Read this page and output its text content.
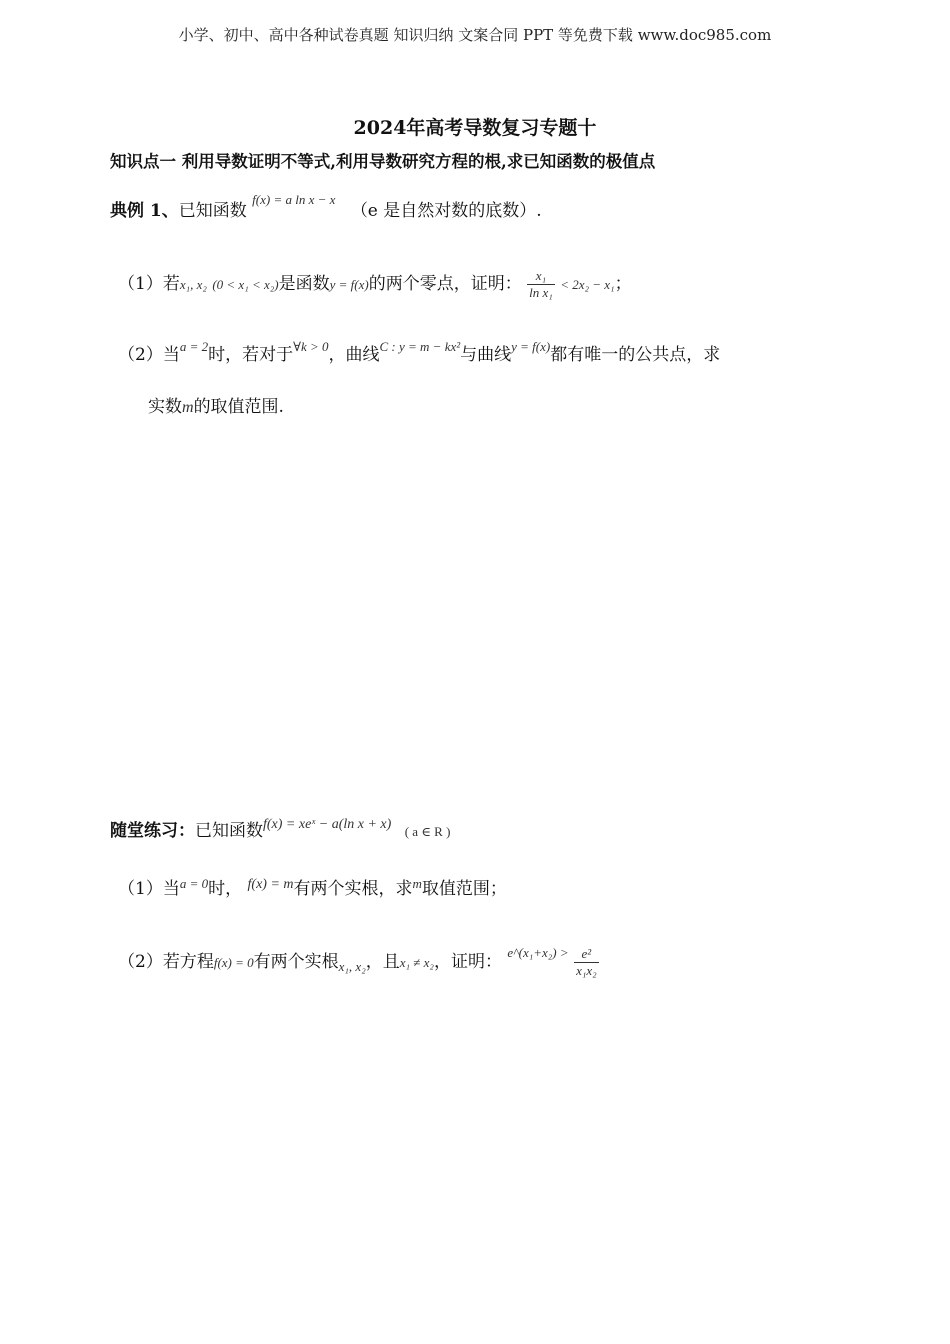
小学、初中、高中各种试卷真题 知识归纳 文案合同 PPT 等免费下载 www.doc985.com
2024年高考导数复习专题十
知识点一 利用导数证明不等式,利用导数研究方程的根,求已知函数的极值点
典例 1、已知函数 $^{f(x) = a ln x - x}$ （e 是自然对数的底数）.
（1）若x₁, x₂ (0 < x₁ < x₂)是函数y = f(x)的两个零点，证明： $\frac{\text{x₁}}{\text{ln x₁}} < 2x_2 - x_1$；
（2）当$^{a = 2}$时，若对于$^{\forall k > 0}$，曲线$^{C : y = m - kx^2}$与曲线$^{y = f(x)}$都有唯一的公共点，求
实数m的取值范围.
随堂练习：已知函数$^{f(x) = xeˣ - a(ln x + x)}$ ( a ∈ R )
（1）当$^{a = 0}$时， $^{f(x) = m}$有两个实根，求$^m$取值范围；
（2）若方程f(x) = 0有两个实根$_{x_1, x_2}$，且x₁ ≠ x₂，证明： $^{e\^{}(x_1+x_2) >} \frac{\text{e²}}{\text{x₁x₂}}$
